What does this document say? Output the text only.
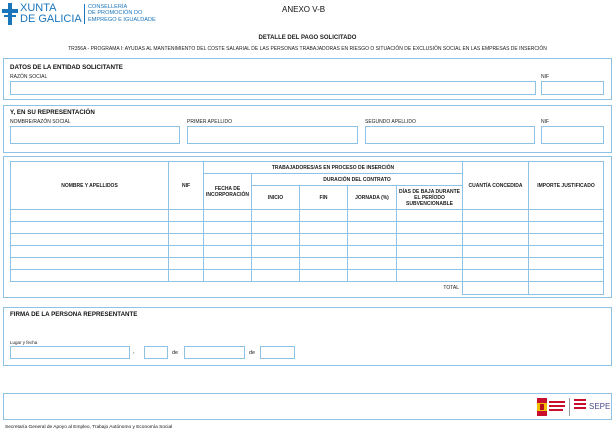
XUNTA
DE GALICIA
CONSELLERÍA
DE PROMOCIÓN DO
EMPREGO E IGUALDADE
ANEXO V-B
DETALLE DEL PAGO SOLICITADO
TR356A - PROGRAMA I: AYUDAS AL MANTENIMIENTO DEL COSTE SALARIAL DE LAS PERSONAS TRABAJADORAS EN RIESGO O SITUACIÓN DE EXCLUSIÓN SOCIAL EN LAS EMPRESAS DE INSERCIÓN
DATOS DE LA ENTIDAD SOLICITANTE
RAZÓN SOCIAL	NIF
Y, EN SU REPRESENTACIÓN
NOMBRE/RAZÓN SOCIAL	PRIMER APELLIDO	SEGUNDO APELLIDO	NIF
NOMBRE Y APELLIDOS	NIF	TRABAJADORES/AS EN PROCESO DE INSERCIÓN					CUANTÍA CONCEDIDA	IMPORTE JUSTIFICADO
		FECHA DE INCORPORACIÓN	DURACIÓN DEL CONTRATO					
			INICIO	FIN	JORNADA (%)	DÍAS DE BAJA DURANTE EL PERÍODO SUBVENCIONABLE		

TOTAL								
FIRMA DE LA PERSONA REPRESENTANTE
Lugar y fecha
,	de	de
SEPE
Secretaría General de Apoyo al Empleo, Trabajo Autónomo y Economía Social
